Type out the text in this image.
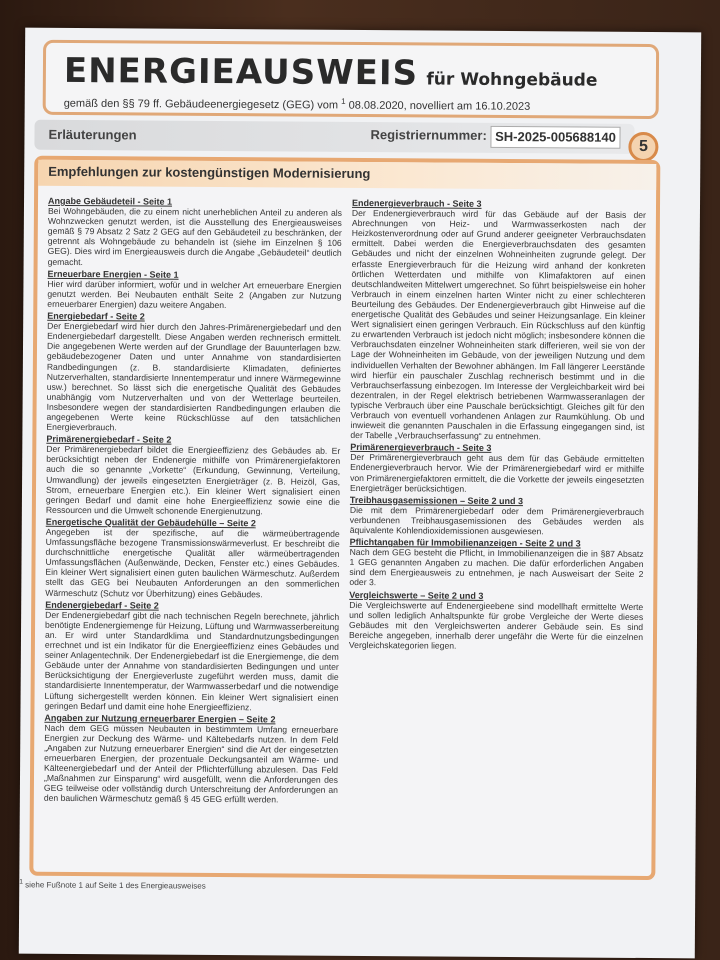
ENERGIEAUSWEIS für Wohngebäude
gemäß den §§ 79 ff. Gebäudeenergiegesetz (GEG) vom $^1$ 08.08.2020, novelliert am 16.10.2023
Erläuterungen	Registriernummer: SH-2025-005688140
5
Empfehlungen zur kostengünstigen Modernisierung
Angabe Gebäudeteil - Seite 1
Bei Wohngebäuden, die zu einem nicht unerheblichen Anteil zu anderen als Wohnzwecken genutzt werden, ist die Ausstellung des Energieausweises gemäß § 79 Absatz 2 Satz 2 GEG auf den Gebäudeteil zu beschränken, der getrennt als Wohngebäude zu behandeln ist (siehe im Einzelnen § 106 GEG). Dies wird im Energieausweis durch die Angabe „Gebäudeteil“ deutlich gemacht.
Erneuerbare Energien - Seite 1
Hier wird darüber informiert, wofür und in welcher Art erneuerbare Energien genutzt werden. Bei Neubauten enthält Seite 2 (Angaben zur Nutzung erneuerbarer Energien) dazu weitere Angaben.
Energiebedarf - Seite 2
Der Energiebedarf wird hier durch den Jahres-Primärenergiebedarf und den Endenergiebedarf dargestellt. Diese Angaben werden rechnerisch ermittelt. Die angegebenen Werte werden auf der Grundlage der Bauunterlagen bzw. gebäudebezogener Daten und unter Annahme von standardisierten Randbedingungen (z. B. standardisierte Klimadaten, definiertes Nutzerverhalten, standardisierte Innentemperatur und innere Wärmegewinne usw.) berechnet. So lässt sich die energetische Qualität des Gebäudes unabhängig vom Nutzerverhalten und von der Wetterlage beurteilen. Insbesondere wegen der standardisierten Randbedingungen erlauben die angegebenen Werte keine Rückschlüsse auf den tatsächlichen Energieverbrauch.
Primärenergiebedarf - Seite 2
Der Primärenergiebedarf bildet die Energieeffizienz des Gebäudes ab. Er berücksichtigt neben der Endenergie mithilfe von Primärenergiefaktoren auch die so genannte „Vorkette“ (Erkundung, Gewinnung, Verteilung, Umwandlung) der jeweils eingesetzten Energieträger (z. B. Heizöl, Gas, Strom, erneuerbare Energien etc.). Ein kleiner Wert signalisiert einen geringen Bedarf und damit eine hohe Energieeffizienz sowie eine die Ressourcen und die Umwelt schonende Energienutzung.
Energetische Qualität der Gebäudehülle – Seite 2
Angegeben ist der spezifische, auf die wärmeübertragende Umfassungsfläche bezogene Transmissionswärmeverlust. Er beschreibt die durchschnittliche energetische Qualität aller wärmeübertragenden Umfassungsflächen (Außenwände, Decken, Fenster etc.) eines Gebäudes. Ein kleiner Wert signalisiert einen guten baulichen Wärmeschutz. Außerdem stellt das GEG bei Neubauten Anforderungen an den sommerlichen Wärmeschutz (Schutz vor Überhitzung) eines Gebäudes.
Endenergiebedarf - Seite 2
Der Endenergiebedarf gibt die nach technischen Regeln berechnete, jährlich benötigte Endenergiemenge für Heizung, Lüftung und Warmwasserbereitung an. Er wird unter Standardklima und Standardnutzungsbedingungen errechnet und ist ein Indikator für die Energieeffizienz eines Gebäudes und seiner Anlagentechnik. Der Endenergiebedarf ist die Energiemenge, die dem Gebäude unter der Annahme von standardisierten Bedingungen und unter Berücksichtigung der Energieverluste zugeführt werden muss, damit die standardisierte Innentemperatur, der Warmwasserbedarf und die notwendige Lüftung sichergestellt werden können. Ein kleiner Wert signalisiert einen geringen Bedarf und damit eine hohe Energieeffizienz.
Angaben zur Nutzung erneuerbarer Energien – Seite 2
Nach dem GEG müssen Neubauten in bestimmtem Umfang erneuerbare Energien zur Deckung des Wärme- und Kältebedarfs nutzen. In dem Feld „Angaben zur Nutzung erneuerbarer Energien“ sind die Art der eingesetzten erneuerbaren Energien, der prozentuale Deckungsanteil am Wärme- und Kälteenergiebedarf und der Anteil der Pflichterfüllung abzulesen. Das Feld „Maßnahmen zur Einsparung“ wird ausgefüllt, wenn die Anforderungen des GEG teilweise oder vollständig durch Unterschreitung der Anforderungen an den baulichen Wärmeschutz gemäß § 45 GEG erfüllt werden.
Endenergieverbrauch - Seite 3
Der Endenergieverbrauch wird für das Gebäude auf der Basis der Abrechnungen von Heiz- und Warmwasserkosten nach der Heizkostenverordnung oder auf Grund anderer geeigneter Verbrauchsdaten ermittelt. Dabei werden die Energieverbrauchsdaten des gesamten Gebäudes und nicht der einzelnen Wohneinheiten zugrunde gelegt. Der erfasste Energieverbrauch für die Heizung wird anhand der konkreten örtlichen Wetterdaten und mithilfe von Klimafaktoren auf einen deutschlandweiten Mittelwert umgerechnet. So führt beispielsweise ein hoher Verbrauch in einem einzelnen harten Winter nicht zu einer schlechteren Beurteilung des Gebäudes. Der Endenergieverbrauch gibt Hinweise auf die energetische Qualität des Gebäudes und seiner Heizungsanlage. Ein kleiner Wert signalisiert einen geringen Verbrauch. Ein Rückschluss auf den künftig zu erwartenden Verbrauch ist jedoch nicht möglich; insbesondere können die Verbrauchsdaten einzelner Wohneinheiten stark differieren, weil sie von der Lage der Wohneinheiten im Gebäude, von der jeweiligen Nutzung und dem individuellen Verhalten der Bewohner abhängen. Im Fall längerer Leerstände wird hierfür ein pauschaler Zuschlag rechnerisch bestimmt und in die Verbrauchserfassung einbezogen. Im Interesse der Vergleichbarkeit wird bei dezentralen, in der Regel elektrisch betriebenen Warmwasseranlagen der typische Verbrauch über eine Pauschale berücksichtigt. Gleiches gilt für den Verbrauch von eventuell vorhandenen Anlagen zur Raumkühlung. Ob und inwieweit die genannten Pauschalen in die Erfassung eingegangen sind, ist der Tabelle „Verbrauchserfassung“ zu entnehmen.
Primärenergieverbrauch - Seite 3
Der Primärenergieverbrauch geht aus dem für das Gebäude ermittelten Endenergieverbrauch hervor. Wie der Primärenergiebedarf wird er mithilfe von Primärenergiefaktoren ermittelt, die die Vorkette der jeweils eingesetzten Energieträger berücksichtigen.
Treibhausgasemissionen – Seite 2 und 3
Die mit dem Primärenergiebedarf oder dem Primärenergieverbrauch verbundenen Treibhausgasemissionen des Gebäudes werden als äquivalente Kohlendioxidemissionen ausgewiesen.
Pflichtangaben für Immobilienanzeigen - Seite 2 und 3
Nach dem GEG besteht die Pflicht, in Immobilienanzeigen die in §87 Absatz 1 GEG genannten Angaben zu machen. Die dafür erforderlichen Angaben sind dem Energieausweis zu entnehmen, je nach Ausweisart der Seite 2 oder 3.
Vergleichswerte – Seite 2 und 3
Die Vergleichswerte auf Endenergieebene sind modellhaft ermittelte Werte und sollen lediglich Anhaltspunkte für grobe Vergleiche der Werte dieses Gebäudes mit den Vergleichswerten anderer Gebäude sein. Es sind Bereiche angegeben, innerhalb derer ungefähr die Werte für die einzelnen Vergleichskategorien liegen.
$^1$ siehe Fußnote 1 auf Seite 1 des Energieausweises
